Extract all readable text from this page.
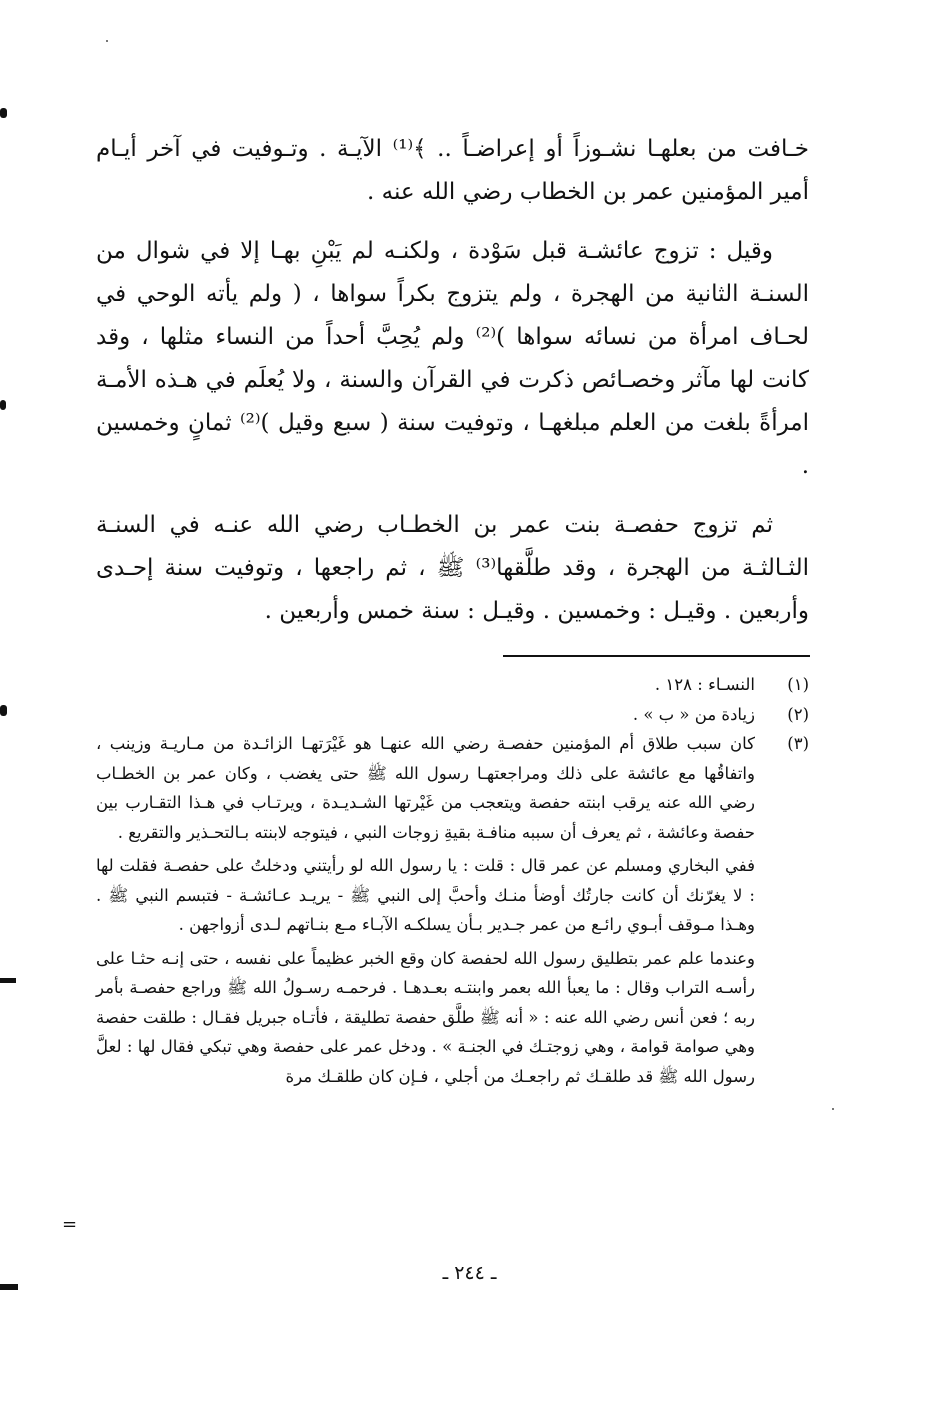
خـافت من بعلهـا نشـوزاً أو إعراضـاً .. ﴾⁽¹⁾ الآيـة . وتـوفيت في آخر أيـام أمير المؤمنين عمر بن الخطاب رضي الله عنه .

وقيل : تزوج عائشـة قبل سَوْدة ، ولكنـه لم يَبْنِ بهـا إلا في شوال من السنـة الثانية من الهجرة ، ولم يتزوج بكراً سواها ، ( ولم يأته الوحي في لحـاف امرأة من نسائه سواها )⁽²⁾ ولم يُحِبَّ أحداً من النساء مثلها ، وقد كانت لها مآثر وخصـائص ذكرت في القرآن والسنة ، ولا يُعلَم في هـذه الأمـة امرأةً بلغت من العلم مبلغهـا ، وتوفيت سنة ( سبع وقيل )⁽²⁾ ثمانٍ وخمسين .

ثم تزوج حفصـة بنت عمر بن الخطـاب رضي الله عنـه في السنـة الثـالثـة من الهجرة ، وقد طلَّقها⁽³⁾ ﷺ ، ثم راجعها ، وتوفيت سنة إحـدى وأربعين . وقيـل : وخمسين . وقيـل : سنة خمس وأربعين .

(١)

النسـاء : ١٢٨ .

(٢)

زيادة من « ب » .

(٣)

كان سبب طلاق أم المؤمنين حفصـة رضي الله عنهـا هو غَيْرَتهـا الزائـدة من مـاريـة وزينب ، واتفاقُها مع عائشة على ذلك ومراجعتهـا رسول الله ﷺ حتى يغضب ، وكان عمر بن الخطـاب رضي الله عنه يرقب ابنته حفصة ويتعجب من غَيْرتها الشـديـدة ، ويرتـاب في هـذا التقـارب بين حفصة وعائشة ، ثم يعرف أن سببه منافـة بقيةِ زوجات النبي ، فيتوجه لابنته بـالتحـذير والتقريع .

ففي البخاري ومسلم عن عمر قال : قلت : يا رسول الله لو رأيتني ودخلتُ على حفصـة فقلت لها : لا يغرّنك أن كانت جارتُك أوضأ منـك وأحبَّ إلى النبي ﷺ - يريـد عـائشـة - فتبسم النبي ﷺ . وهـذا مـوقف أبـوي رائـع من عمر جـدير بـأن يسلكـه الآبـاء مـع بنـاتهم لـدى أزواجهن .

وعندما علم عمر بتطليق رسول الله لحفصة كان وقع الخبر عظيماً على نفسه ، حتى إنـه حثـا على رأسـه التراب وقال : ما يعبأ الله بعمر وابنتـه بعـدهـا . فرحمـه رسـولُ الله ﷺ وراجع حفصـة بأمر ربه ؛ فعن أنس رضي الله عنه : « أنه ﷺ طلَّق حفصة تطليقة ، فأتـاه جبريل فقـال : طلقت حفصة وهي صوامة قوامة ، وهي زوجتـك في الجنـة » . ودخل عمر على حفصة وهي تبكي فقال لها : لعلَّ رسول الله ﷺ قد طلقـك ثم راجعـك من أجلي ، فـإن كان طلقـك مرة

=
ـ ٢٤٤ ـ
